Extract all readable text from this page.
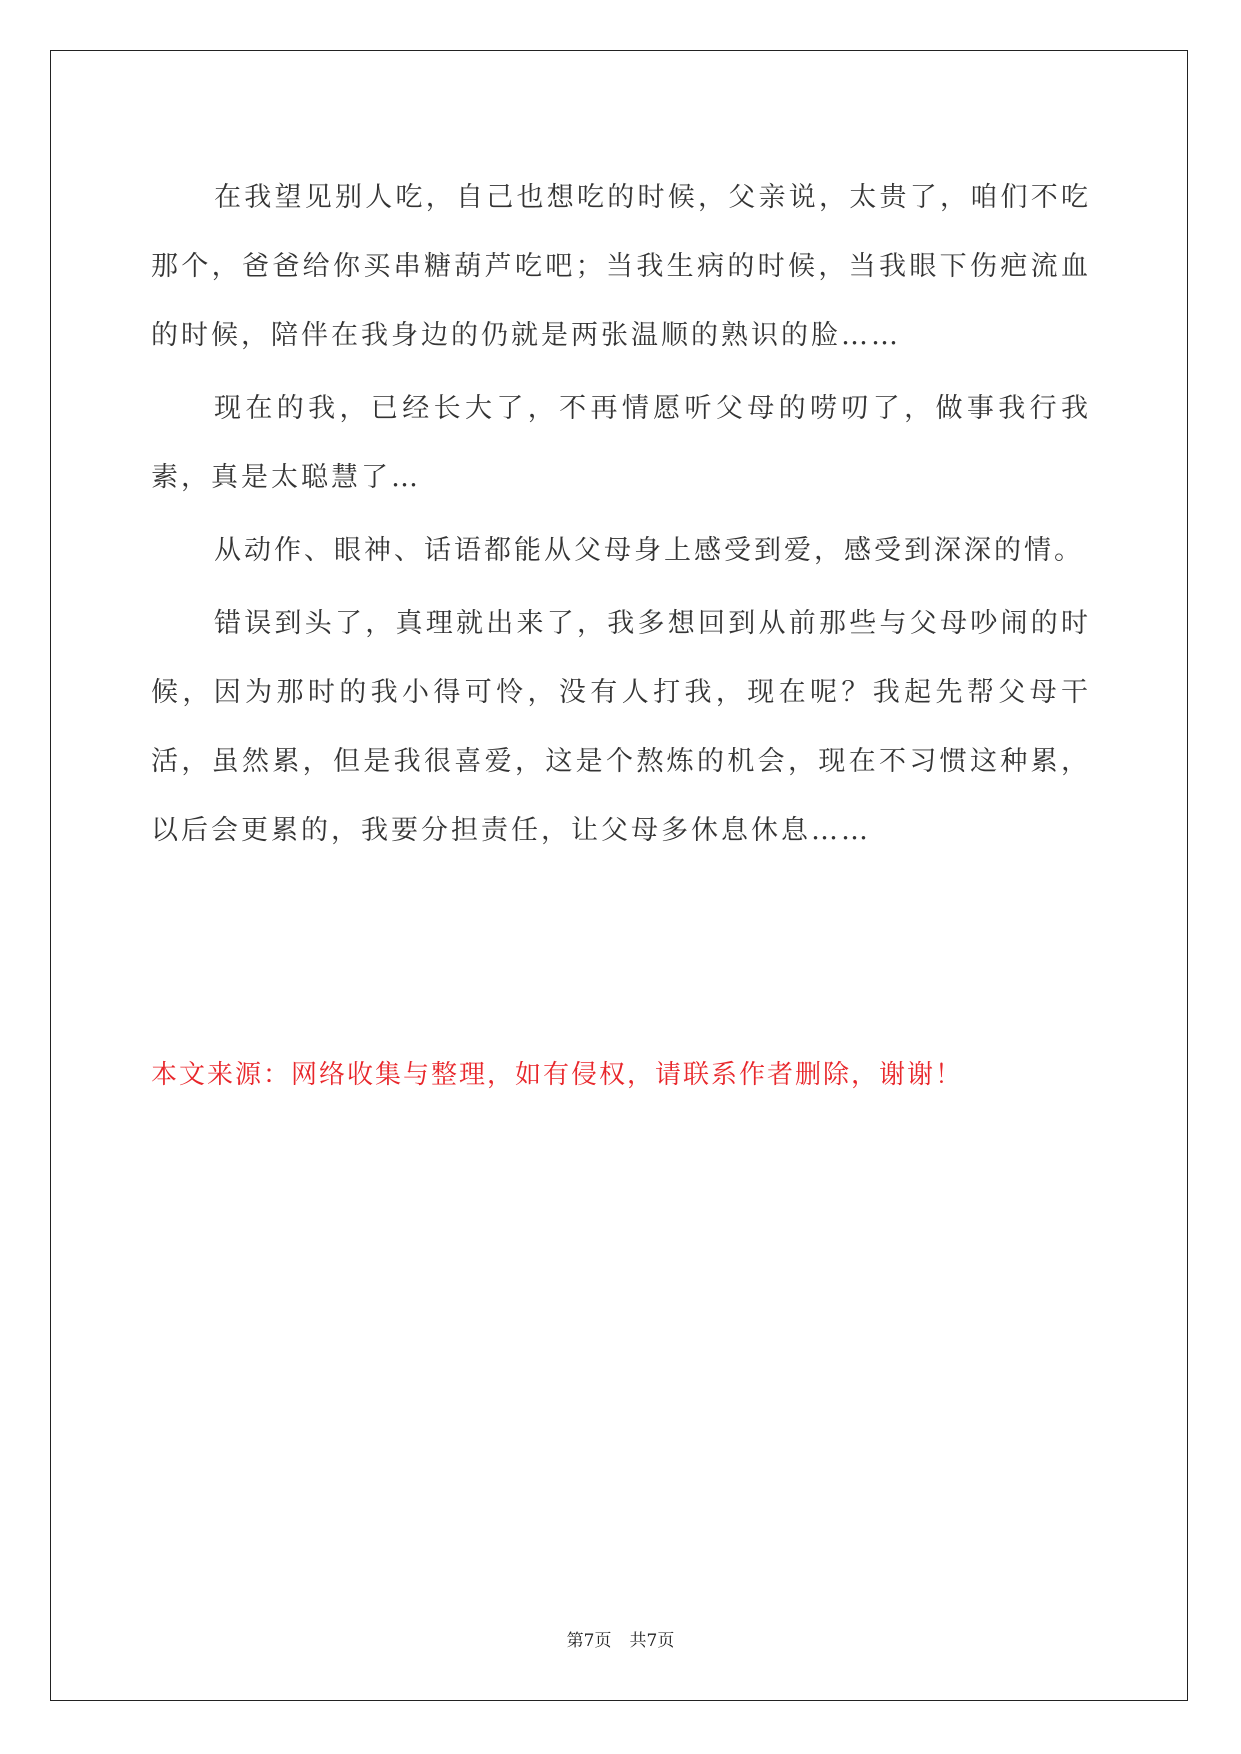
在我望见别人吃，自己也想吃的时候，父亲说，太贵了，咱们不吃那个，爸爸给你买串糖葫芦吃吧；当我生病的时候，当我眼下伤疤流血的时候，陪伴在我身边的仍就是两张温顺的熟识的脸……

现在的我，已经长大了，不再情愿听父母的唠叨了，做事我行我素，真是太聪慧了…

从动作、眼神、话语都能从父母身上感受到爱，感受到深深的情。

错误到头了，真理就出来了，我多想回到从前那些与父母吵闹的时候，因为那时的我小得可怜，没有人打我，现在呢？我起先帮父母干活，虽然累，但是我很喜爱，这是个熬炼的机会，现在不习惯这种累，以后会更累的，我要分担责任，让父母多休息休息……

本文来源：网络收集与整理，如有侵权，请联系作者删除，谢谢！

第7页 共7页
